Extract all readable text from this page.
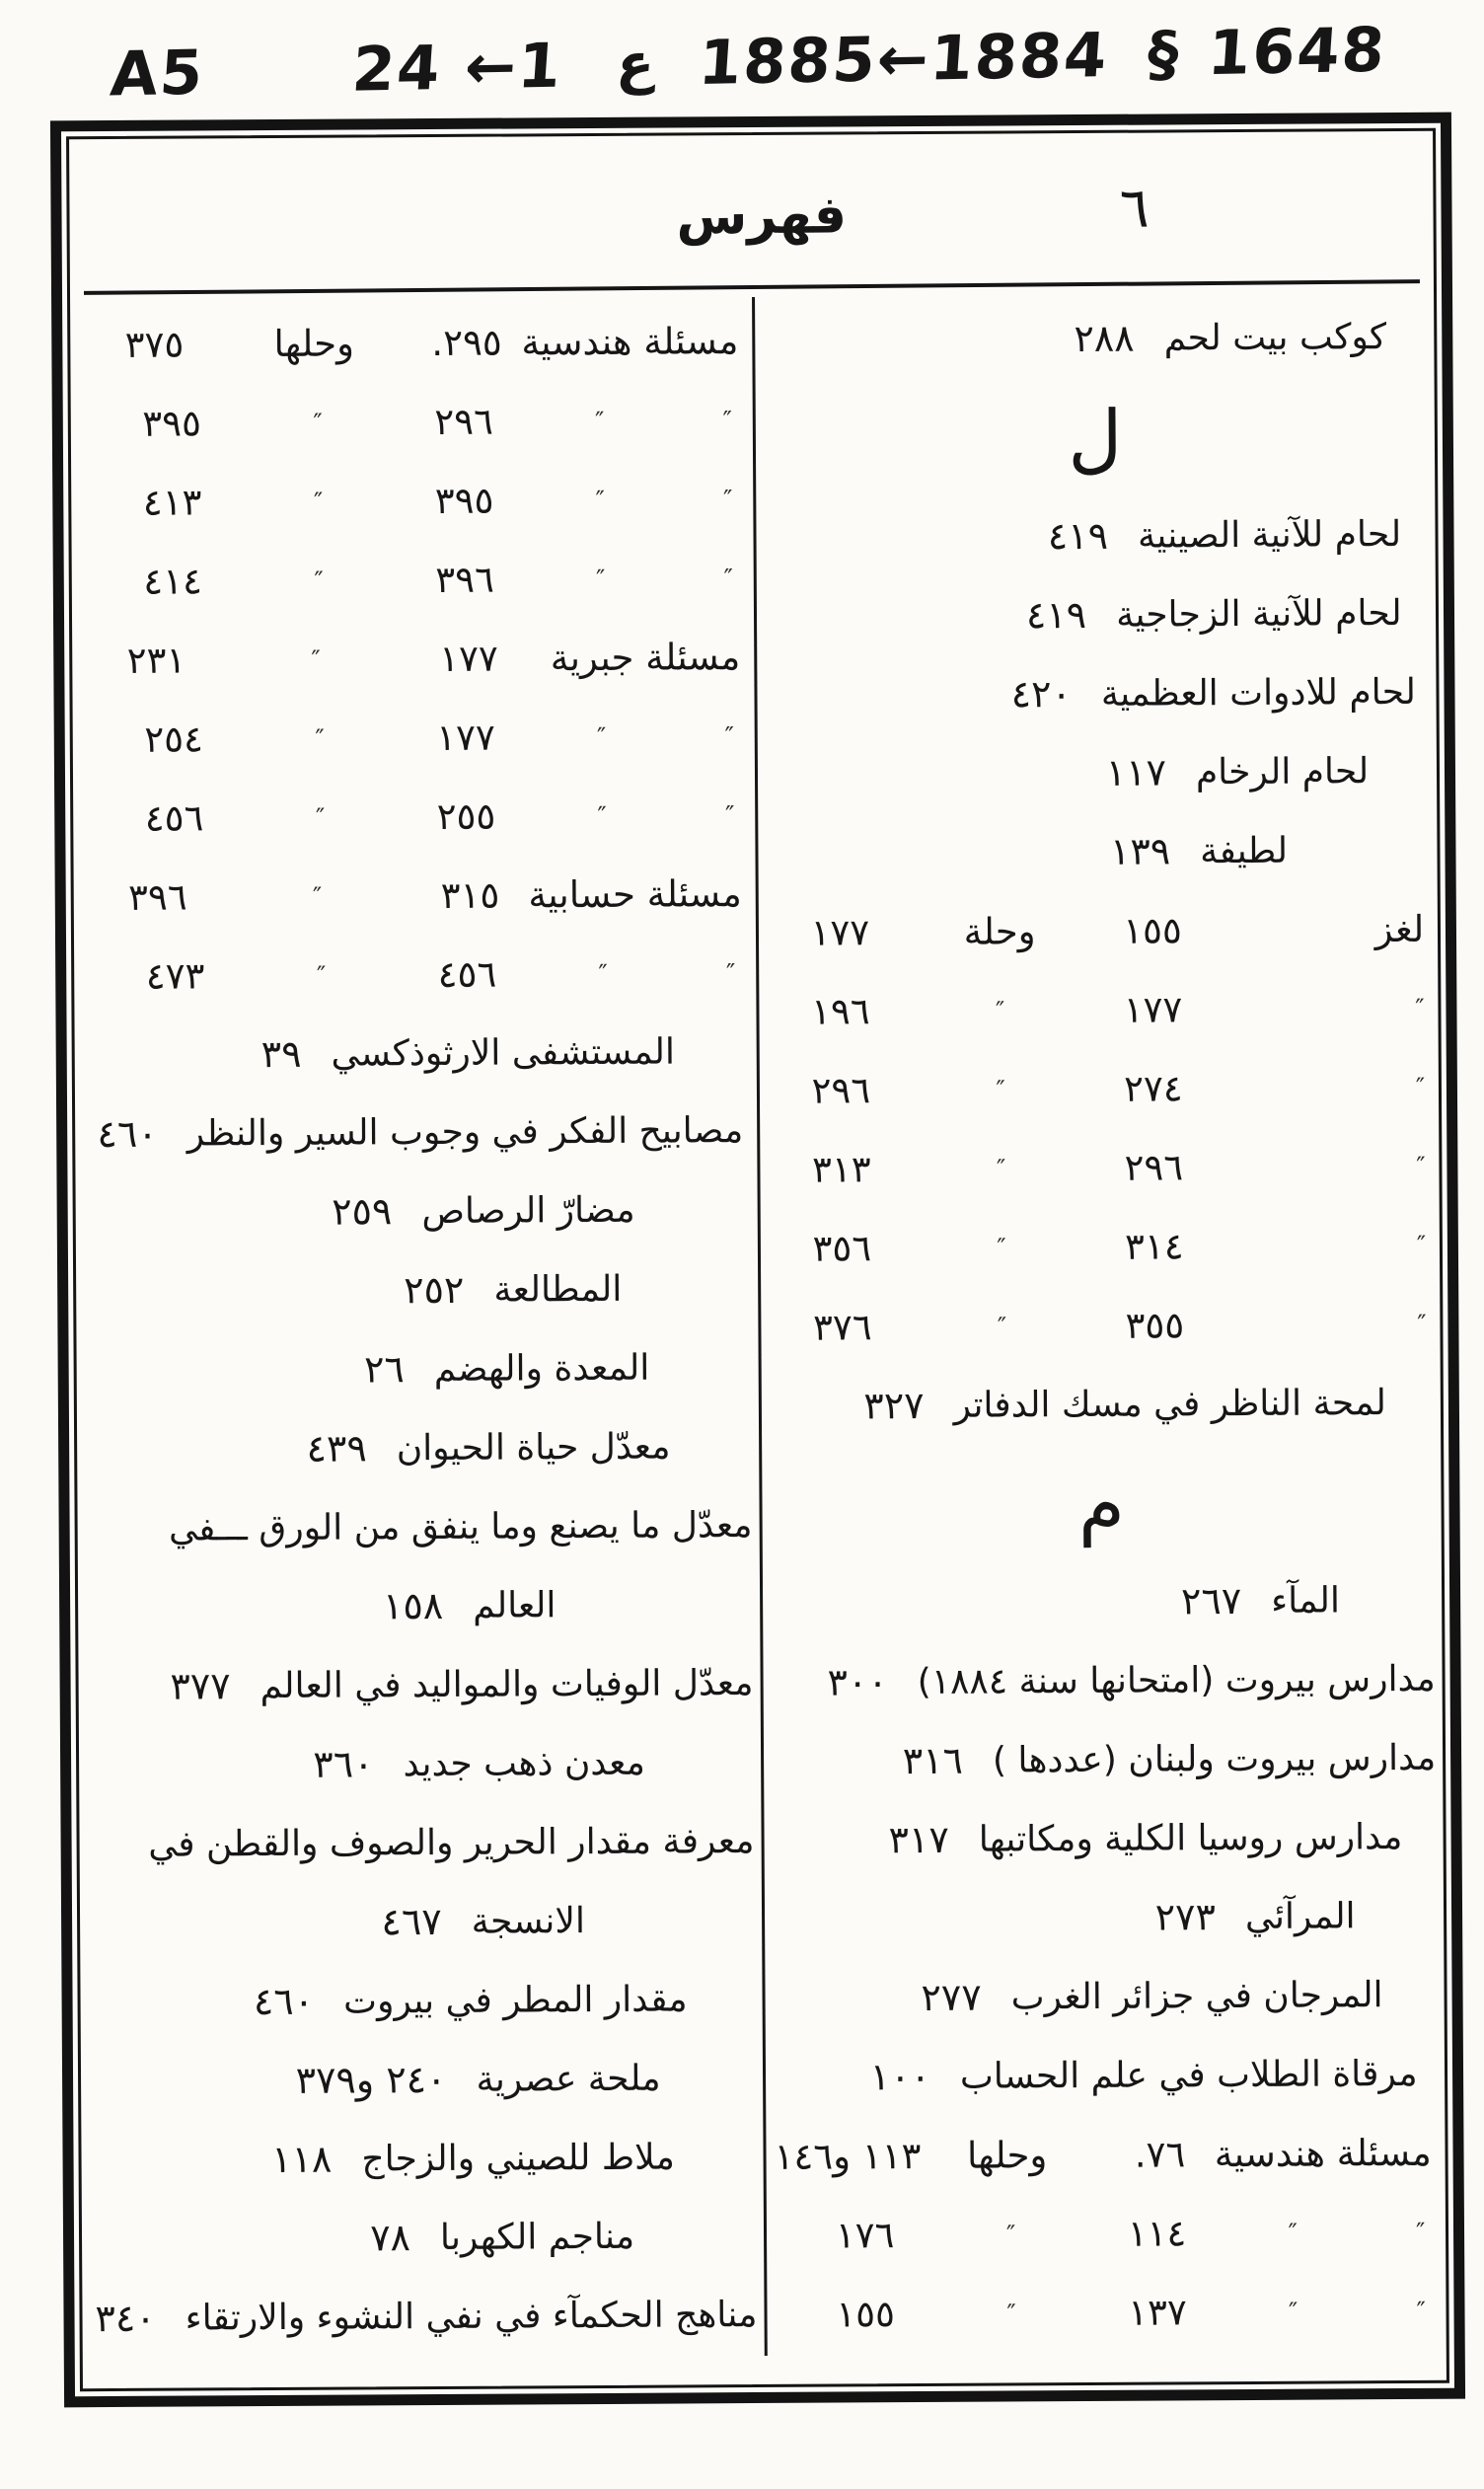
A5 24 ←1 ع 1885←1884 § 1648
فهرس	٦
كوكب بيت لحم
٢٨٨
ل
لحام للآنية الصينية
٤١٩
لحام للآنية الزجاجية
٤١٩
لحام للادوات العظمية
٤٢٠
لحام الرخام
١١٧
لطيفة
١٣٩
لغز
١٥٥
وحلة
١٧٧
″
١٧٧
″
١٩٦
″
٢٧٤
″
٢٩٦
″
٢٩٦
″
٣١٣
″
٣١٤
″
٣٥٦
″
٣٥٥
″
٣٧٦
لمحة الناظر في مسك الدفاتر
٣٢٧
م
المآء
٢٦٧
مدارس بيروت (امتحانها سنة ١٨٨٤)
٣٠٠
مدارس بيروت ولبنان (عددها )
٣١٦
مدارس روسيا الكلية ومكاتبها
٣١٧
المرآئي
٢٧٣
المرجان في جزائر الغرب
٢٧٧
مرقاة الطلاب في علم الحساب
١٠٠
مسئلة هندسية
٧٦.
وحلها
١١٣ و١٤٦
″
″
١١٤
″
١٧٦
″
″
١٣٧
″
١٥٥
مسئلة هندسية
٢٩٥.
وحلها
٣٧٥
″
″
٢٩٦
″
٣٩٥
″
″
٣٩٥
″
٤١٣
″
″
٣٩٦
″
٤١٤
مسئلة جبرية
١٧٧
″
٢٣١
″
″
١٧٧
″
٢٥٤
″
″
٢٥٥
″
٤٥٦
مسئلة حسابية
٣١٥
″
٣٩٦
″
″
٤٥٦
″
٤٧٣
المستشفى الارثوذكسي
٣٩
مصابيح الفكر في وجوب السير والنظر
٤٦٠
مضارّ الرصاص
٢٥٩
المطالعة
٢٥٢
المعدة والهضم
٢٦
معدّل حياة الحيوان
٤٣٩
معدّل ما يصنع وما ينفق من الورق ـــفي
العالم
١٥٨
معدّل الوفيات والمواليد في العالم
٣٧٧
معدن ذهب جديد
٣٦٠
معرفة مقدار الحرير والصوف والقطن في
الانسجة
٤٦٧
مقدار المطر في بيروت
٤٦٠
ملحة عصرية
٢٤٠ و٣٧٩
ملاط للصيني والزجاج
١١٨
مناجم الكهربا
٧٨
مناهج الحكمآء في نفي النشوء والارتقاء
٣٤٠
